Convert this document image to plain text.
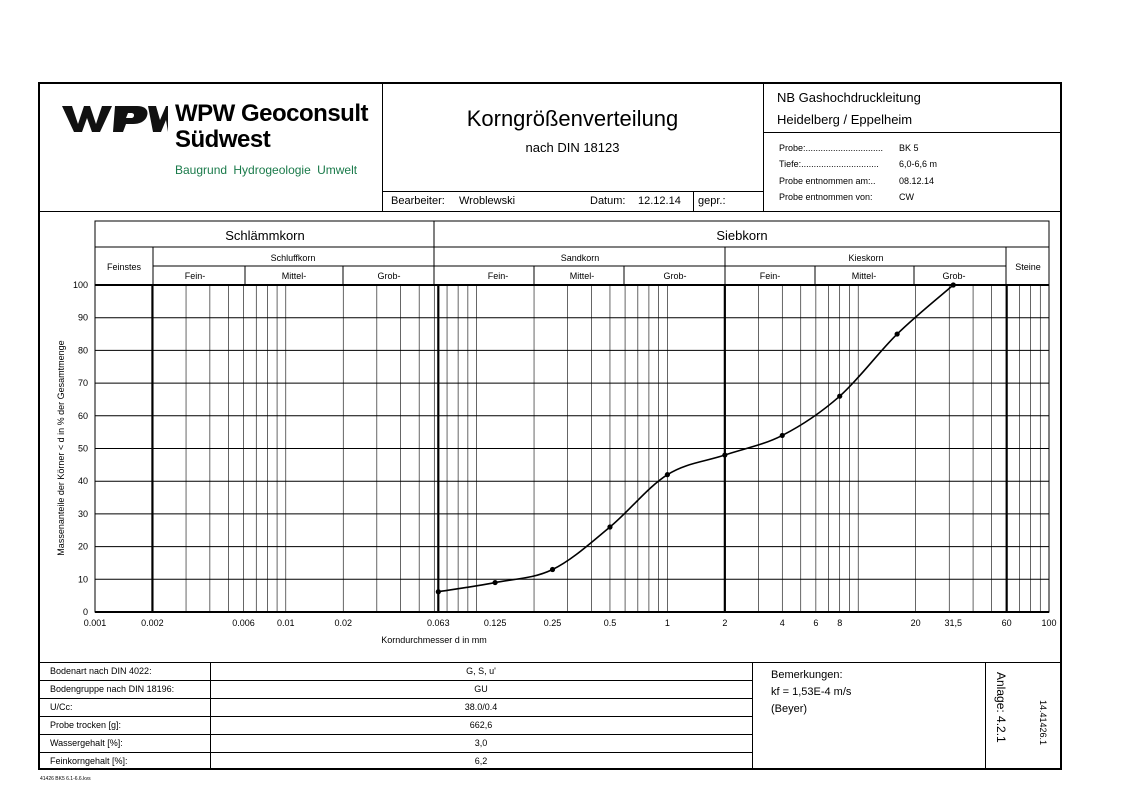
WPW Geoconsult
Südwest
Baugrund Hydrogeologie Umwelt
Korngrößenverteilung
nach DIN 18123
Bearbeiter: Wroblewski	Datum: 12.12.14 gepr.:
NB Gashochdruckleitung
Heidelberg / Eppelheim
Probe:............................... BK 5
Tiefe:............................... 6,0-6,6 m
Probe entnommen am:..	08.12.14
Probe entnommen von:	CW
Schlämmkorn	Siebkorn
Feinstes
Schluffkorn	Sandkorn	Kieskorn
Steine
Fein-	Mittel-	Grob-	Fein-	Mittel-	Grob-	Fein-	Mittel-	Grob-
0
10
20
30
40
50
60
70
80
90
100
0.001	0.002	0.006 0.01	0.02	0.063	0.125	0.25	0.5	1	2	4	6 8	20	31,5	60	100
Korndurchmesser d in mm
Massenanteile der Körner < d in % der Gesamtmenge
Bodenart nach DIN 4022:	G, S, u'
Bodengruppe nach DIN 18196:	GU
U/Cc:	38.0/0.4
Probe trocken [g]:	662,6
Wassergehalt [%]:	3,0
Feinkorngehalt [%]:	6,2
Bemerkungen:
kf = 1,53E-4 m/s
(Beyer)	Anlage: 4.2.1	14.41426.1
41426 BK5 6.1-6.6.kvs
